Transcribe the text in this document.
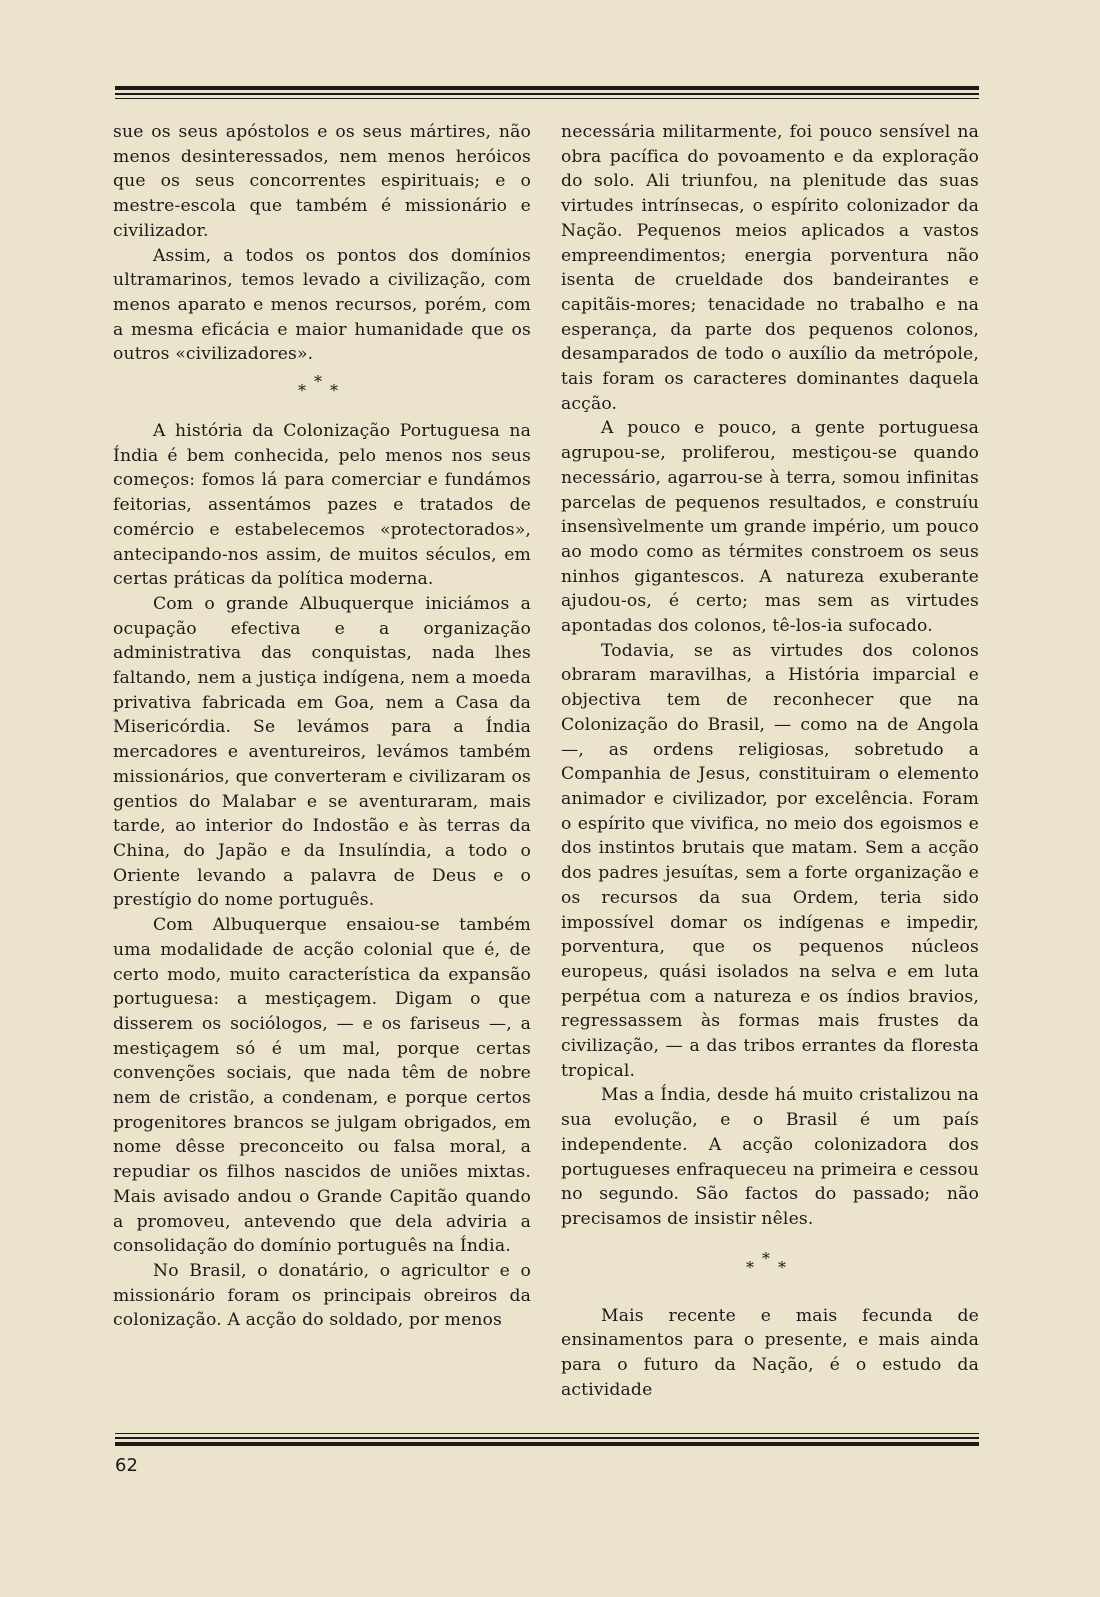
sue os seus apóstolos e os seus mártires, não menos desinteressados, nem menos heróicos que os seus concorrentes espirituais; e o mestre-escola que também é missionário e civilizador.

Assim, a todos os pontos dos domínios ultramarinos, temos levado a civilização, com menos aparato e menos recursos, porém, com a mesma eficácia e maior humanidade que os outros «civilizadores».

***

A história da Colonização Portuguesa na Índia é bem conhecida, pelo menos nos seus começos: fomos lá para comerciar e fundámos feitorias, assentámos pazes e tratados de comércio e estabelecemos «protectorados», antecipando-nos assim, de muitos séculos, em certas práticas da política moderna.

Com o grande Albuquerque iniciámos a ocupação efectiva e a organização administrativa das conquistas, nada lhes faltando, nem a justiça indígena, nem a moeda privativa fabricada em Goa, nem a Casa da Misericórdia. Se levámos para a Índia mercadores e aventureiros, levámos também missionários, que converteram e civilizaram os gentios do Malabar e se aventuraram, mais tarde, ao interior do Indostão e às terras da China, do Japão e da Insulíndia, a todo o Oriente levando a palavra de Deus e o prestígio do nome português.

Com Albuquerque ensaiou-se também uma modalidade de acção colonial que é, de certo modo, muito característica da expansão portuguesa: a mestiçagem. Digam o que disserem os sociólogos, — e os fariseus —, a mestiçagem só é um mal, porque certas convenções sociais, que nada têm de nobre nem de cristão, a condenam, e porque certos progenitores brancos se julgam obrigados, em nome dêsse preconceito ou falsa moral, a repudiar os filhos nascidos de uniões mixtas. Mais avisado andou o Grande Capitão quando a promoveu, antevendo que dela adviria a consolidação do domínio português na Índia.

No Brasil, o donatário, o agricultor e o missionário foram os principais obreiros da colonização. A acção do soldado, por menos

necessária militarmente, foi pouco sensível na obra pacífica do povoamento e da exploração do solo. Ali triunfou, na plenitude das suas virtudes intrínsecas, o espírito colonizador da Nação. Pequenos meios aplicados a vastos empreendimentos; energia porventura não isenta de crueldade dos bandeirantes e capitãis-mores; tenacidade no trabalho e na esperança, da parte dos pequenos colonos, desamparados de todo o auxílio da metrópole, tais foram os caracteres dominantes daquela acção.

A pouco e pouco, a gente portuguesa agrupou-se, proliferou, mestiçou-se quando necessário, agarrou-se à terra, somou infinitas parcelas de pequenos resultados, e construíu insensìvelmente um grande império, um pouco ao modo como as térmites constroem os seus ninhos gigantescos. A natureza exuberante ajudou-os, é certo; mas sem as virtudes apontadas dos colonos, tê-los-ia sufocado.

Todavia, se as virtudes dos colonos obraram maravilhas, a História imparcial e objectiva tem de reconhecer que na Colonização do Brasil, — como na de Angola —, as ordens religiosas, sobretudo a Companhia de Jesus, constituiram o elemento animador e civilizador, por excelência. Foram o espírito que vivifica, no meio dos egoismos e dos instintos brutais que matam. Sem a acção dos padres jesuítas, sem a forte organização e os recursos da sua Ordem, teria sido impossível domar os indígenas e impedir, porventura, que os pequenos núcleos europeus, quási isolados na selva e em luta perpétua com a natureza e os índios bravios, regressassem às formas mais frustes da civilização, — a das tribos errantes da floresta tropical.

Mas a Índia, desde há muito cristalizou na sua evolução, e o Brasil é um país independente. A acção colonizadora dos portugueses enfraqueceu na primeira e cessou no segundo. São factos do passado; não precisamos de insistir nêles.

***

Mais recente e mais fecunda de ensinamentos para o presente, e mais ainda para o futuro da Nação, é o estudo da actividade

62
